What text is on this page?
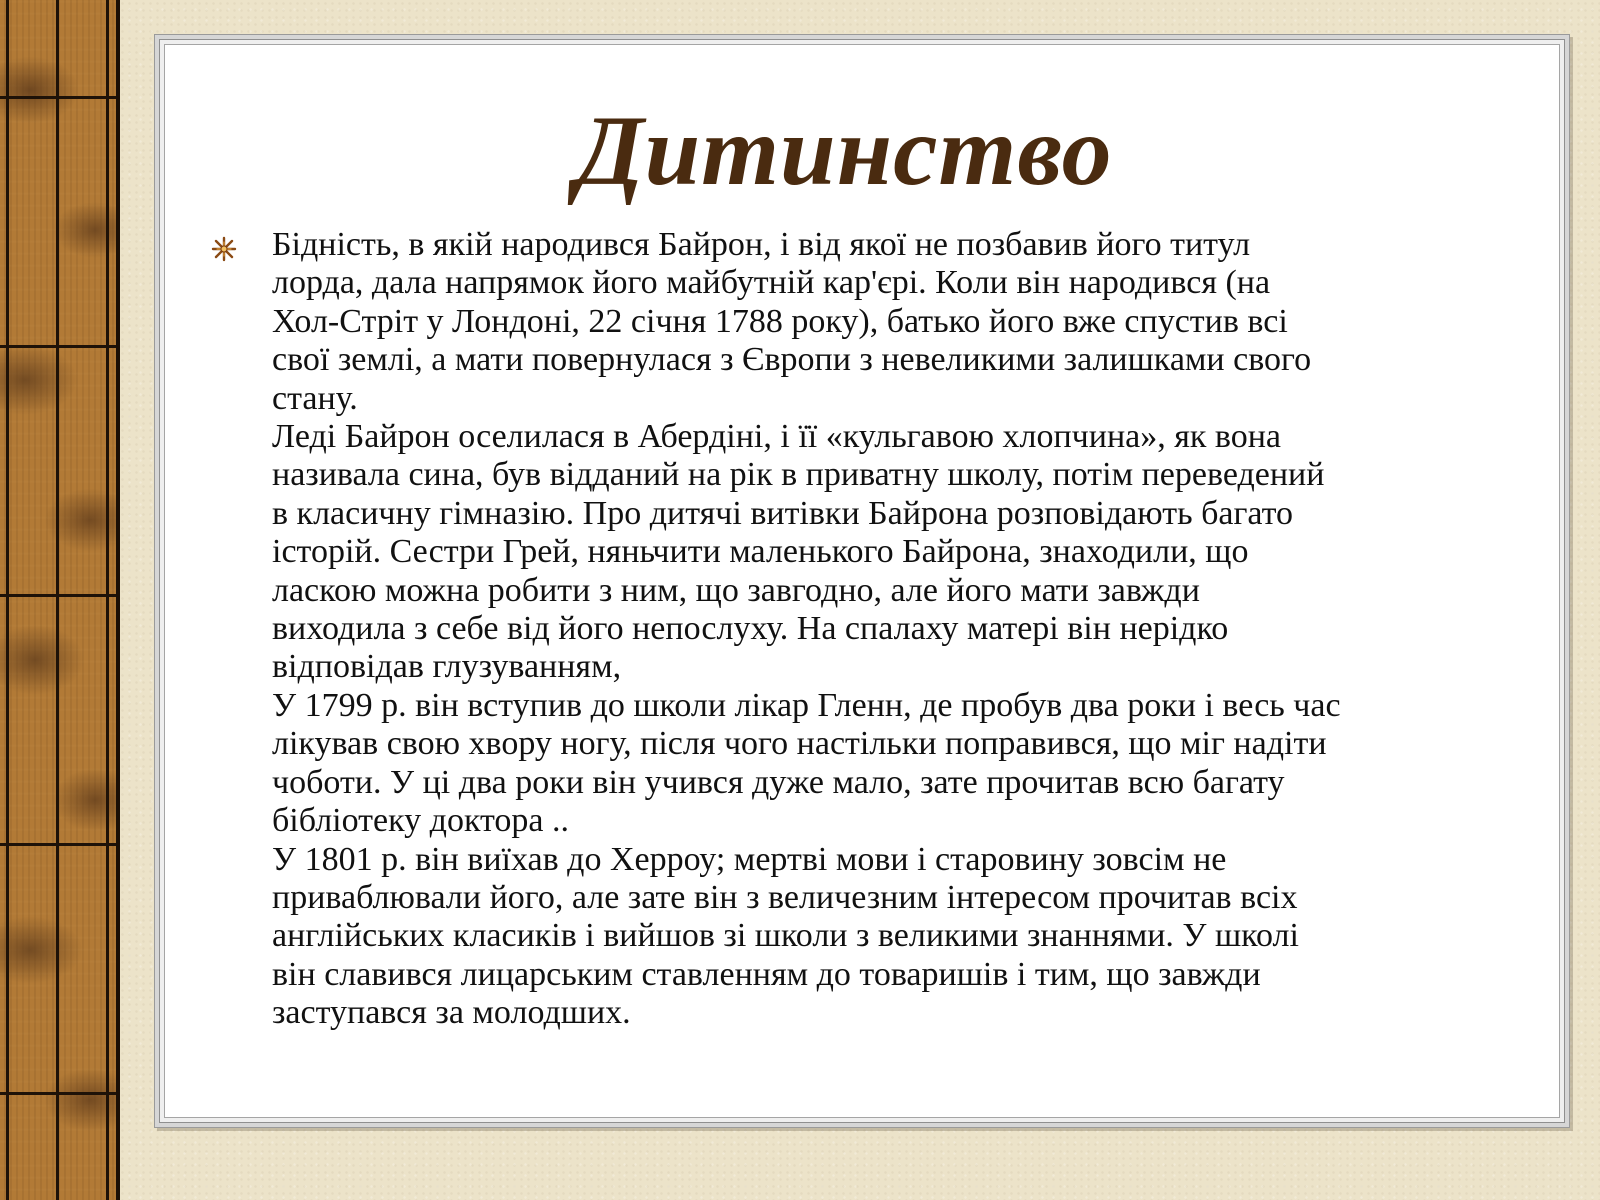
Дитинство
Бідність, в якій народився Байрон, і від якої не позбавив його титул
лорда, дала напрямок його майбутній кар'єрі. Коли він народився (на
Хол-Стріт у Лондоні, 22 січня 1788 року), батько його вже спустив всі
свої землі, а мати повернулася з Європи з невеликими залишками свого
стану.
Леді Байрон оселилася в Абердіні, і її «кульгавою хлопчина», як вона
називала сина, був відданий на рік в приватну школу, потім переведений
в класичну гімназію. Про дитячі витівки Байрона розповідають багато
історій. Сестри Грей, няньчити маленького Байрона, знаходили, що
ласкою можна робити з ним, що завгодно, але його мати завжди
виходила з себе від його непослуху. На спалаху матері він нерідко
відповідав глузуванням,
У 1799 р. він вступив до школи лікар Гленн, де пробув два роки і весь час
лікував свою хвору ногу, після чого настільки поправився, що міг надіти
чоботи. У ці два роки він учився дуже мало, зате прочитав всю багату
бібліотеку доктора ..
У 1801 р. він виїхав до Херроу; мертві мови і старовину зовсім не
приваблювали його, але зате він з величезним інтересом прочитав всіх
англійських класиків і вийшов зі школи з великими знаннями. У школі
він славився лицарським ставленням до товаришів і тим, що завжди
заступався за молодших.
